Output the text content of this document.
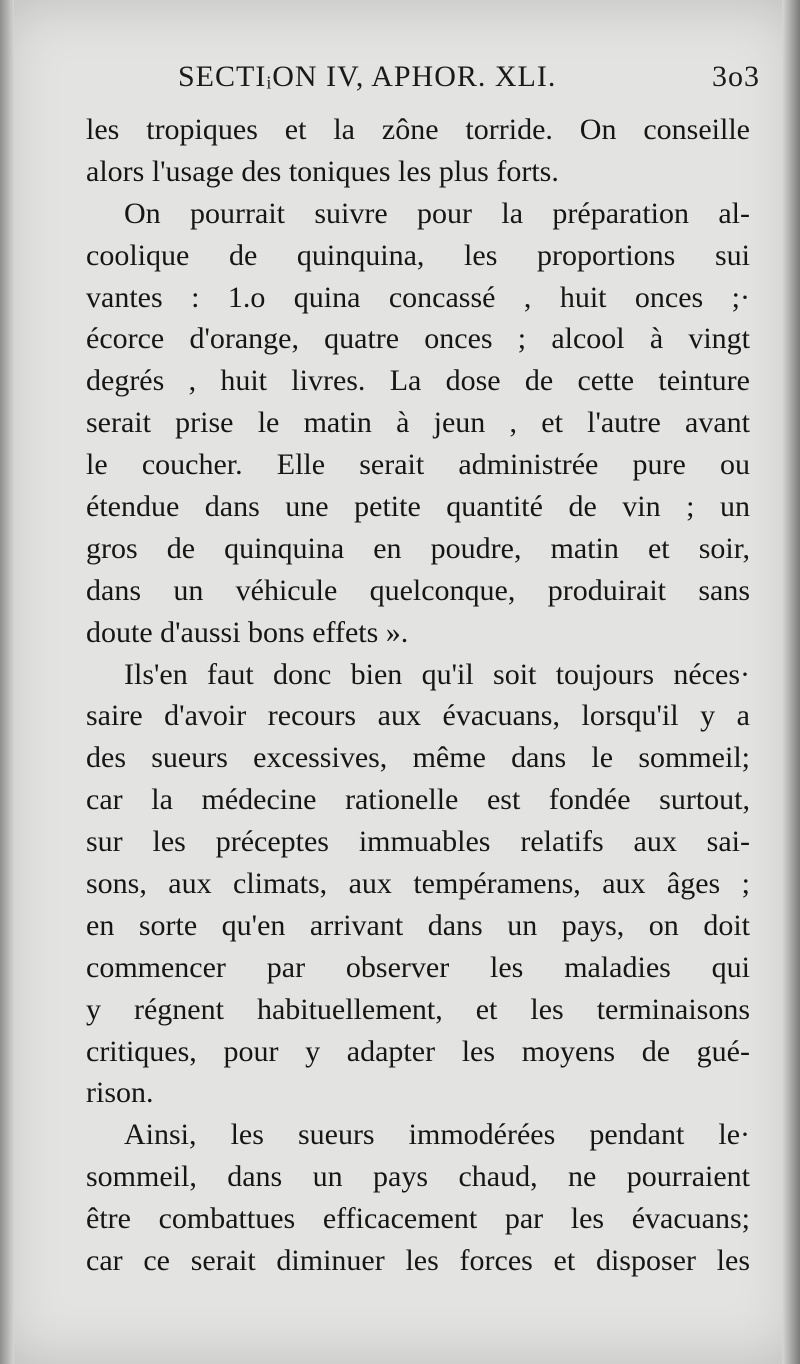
SECTIᵢON IV, APHOR. XLI.	3o3
les tropiques et la zône torride. On conseille
alors l'usage des toniques les plus forts.
On pourrait suivre pour la préparation al-
coolique de quinquina, les proportions sui
vantes : 1.o quina concassé , huit onces ;·
écorce d'orange, quatre onces ; alcool à vingt
degrés , huit livres. La dose de cette teinture
serait prise le matin à jeun , et l'autre avant
le coucher. Elle serait administrée pure ou
étendue dans une petite quantité de vin ; un
gros de quinquina en poudre, matin et soir,
dans un véhicule quelconque, produirait sans
doute d'aussi bons effets ».
Ils'en faut donc bien qu'il soit toujours néces·
saire d'avoir recours aux évacuans, lorsqu'il y a
des sueurs excessives, même dans le sommeil;
car la médecine rationelle est fondée surtout,
sur les préceptes immuables relatifs aux sai-
sons, aux climats, aux tempéramens, aux âges ;
en sorte qu'en arrivant dans un pays, on doit
commencer par observer les maladies qui
y régnent habituellement, et les terminaisons
critiques, pour y adapter les moyens de gué-
rison.
Ainsi, les sueurs immodérées pendant le·
sommeil, dans un pays chaud, ne pourraient
être combattues efficacement par les évacuans;
car ce serait diminuer les forces et disposer les
